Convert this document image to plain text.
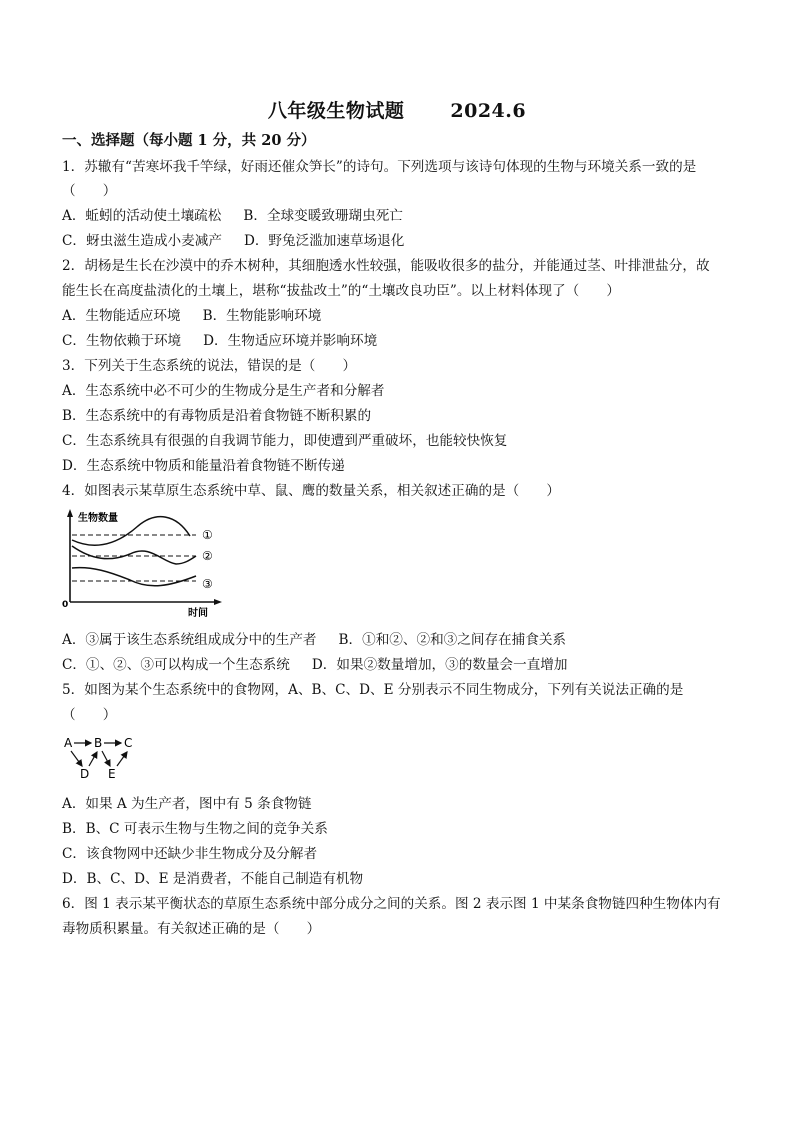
八年级生物试题 2024.6
一、选择题（每小题 1 分，共 20 分）
1．苏辙有“苦寒坏我千竿绿，好雨还催众笋长”的诗句。下列选项与该诗句体现的生物与环境关系一致的是
（　　）
A．蚯蚓的活动使土壤疏松 B．全球变暖致珊瑚虫死亡
C．蚜虫滋生造成小麦减产 D．野兔泛滥加速草场退化
2．胡杨是生长在沙漠中的乔木树种，其细胞透水性较强，能吸收很多的盐分，并能通过茎、叶排泄盐分，故
能生长在高度盐渍化的土壤上，堪称“拔盐改土”的“土壤改良功臣”。以上材料体现了（　　）
A．生物能适应环境 B．生物能影响环境
C．生物依赖于环境 D．生物适应环境并影响环境
3．下列关于生态系统的说法，错误的是（　　）
A．生态系统中必不可少的生物成分是生产者和分解者
B．生态系统中的有毒物质是沿着食物链不断积累的
C．生态系统具有很强的自我调节能力，即使遭到严重破坏，也能较快恢复
D．生态系统中物质和能量沿着食物链不断传递
4．如图表示某草原生态系统中草、鼠、鹰的数量关系，相关叙述正确的是（　　）
生物数量
时间
0
①
②
③
A．③属于该生态系统组成成分中的生产者 B．①和②、②和③之间存在捕食关系
C．①、②、③可以构成一个生态系统 D．如果②数量增加，③的数量会一直增加
5．如图为某个生态系统中的食物网，A、B、C、D、E 分别表示不同生物成分，下列有关说法正确的是
（　　）
A B C
D E
A．如果 A 为生产者，图中有 5 条食物链
B．B、C 可表示生物与生物之间的竞争关系
C．该食物网中还缺少非生物成分及分解者
D．B、C、D、E 是消费者，不能自己制造有机物
6．图 1 表示某平衡状态的草原生态系统中部分成分之间的关系。图 2 表示图 1 中某条食物链四种生物体内有
毒物质积累量。有关叙述正确的是（　　）
